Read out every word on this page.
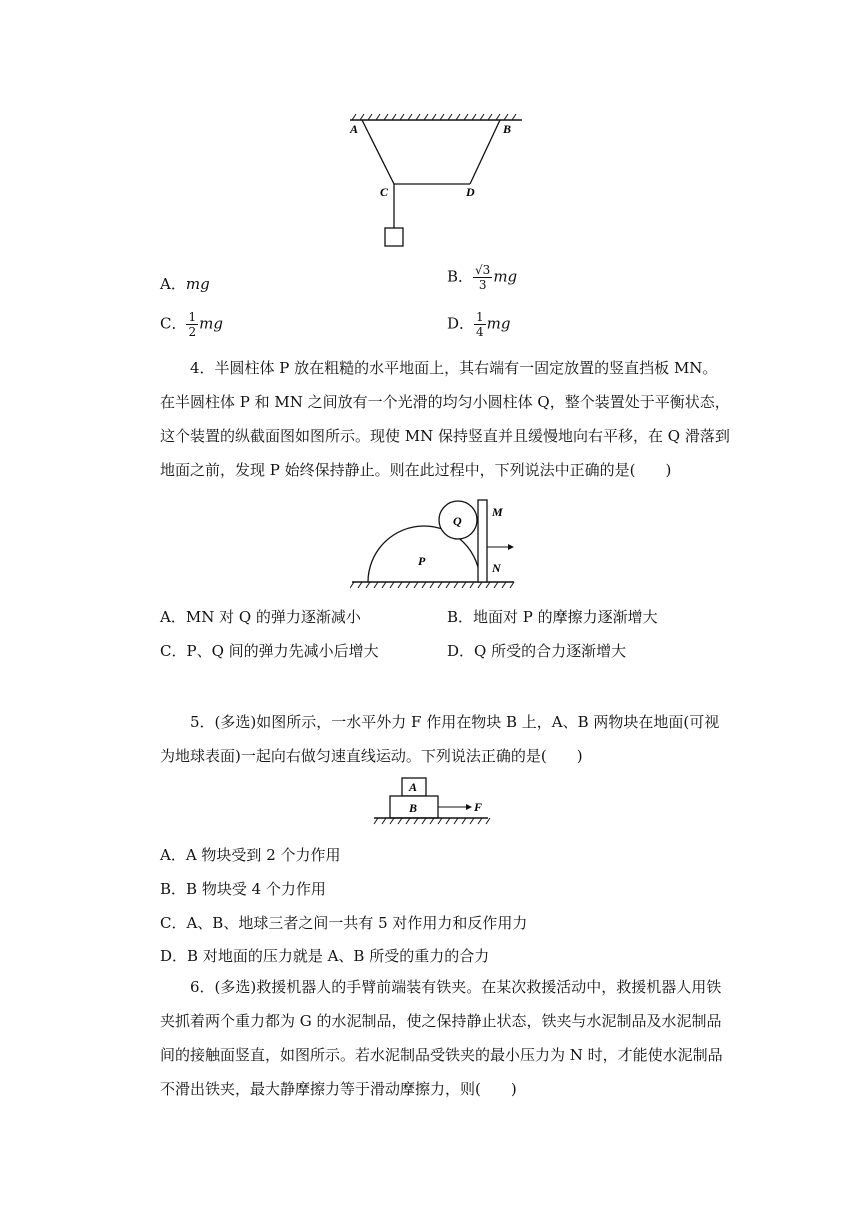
A	B
C	D
A．mg	B． $\frac{√3}{3}$ mg
C． $\frac{1}{2}$ mg	D． $\frac{1}{4}$ mg
4．半圆柱体 P 放在粗糙的水平地面上，其右端有一固定放置的竖直挡板 MN。在半圆柱体 P 和 MN 之间放有一个光滑的均匀小圆柱体 Q，整个装置处于平衡状态，这个装置的纵截面图如图所示。现使 MN 保持竖直并且缓慢地向右平移，在 Q 滑落到地面之前，发现 P 始终保持静止。则在此过程中，下列说法中正确的是(　　)
Q
P
M
N
A．MN 对 Q 的弹力逐渐减小	B．地面对 P 的摩擦力逐渐增大
C．P、Q 间的弹力先减小后增大	D．Q 所受的合力逐渐增大
5．(多选)如图所示，一水平外力 F 作用在物块 B 上，A、B 两物块在地面(可视为地球表面)一起向右做匀速直线运动。下列说法正确的是(　　)
A
B	F
A．A 物块受到 2 个力作用
B．B 物块受 4 个力作用
C．A、B、地球三者之间一共有 5 对作用力和反作用力
D．B 对地面的压力就是 A、B 所受的重力的合力
6．(多选)救援机器人的手臂前端装有铁夹。在某次救援活动中，救援机器人用铁夹抓着两个重力都为 G 的水泥制品，使之保持静止状态，铁夹与水泥制品及水泥制品间的接触面竖直，如图所示。若水泥制品受铁夹的最小压力为 N 时，才能使水泥制品不滑出铁夹，最大静摩擦力等于滑动摩擦力，则(　　)
